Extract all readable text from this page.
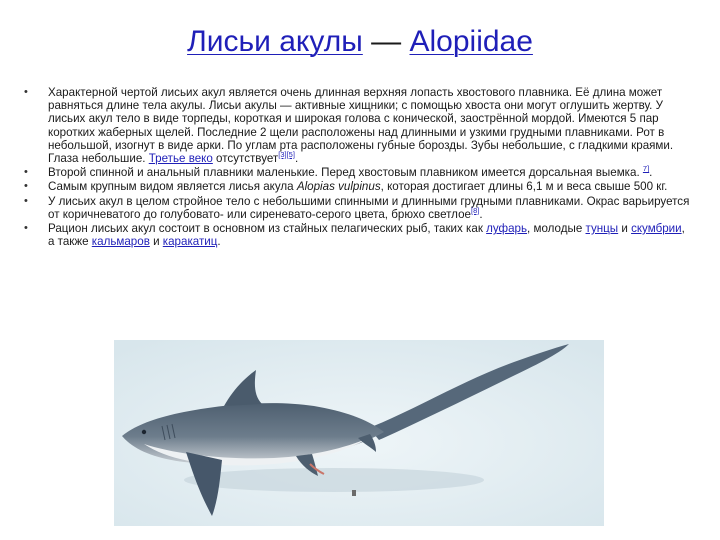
Лисьи акулы — Alopiidae
• Характерной чертой лисьих акул является очень длинная верхняя лопасть хвостового плавника. Её длина может равняться длине тела акулы. Лисьи акулы — активные хищники; с помощью хвоста они могут оглушить жертву. У лисьих акул тело в виде торпеды, короткая и широкая голова с конической, заострённой мордой. Имеются 5 пар коротких жаберных щелей. Последние 2 щели расположены над длинными и узкими грудными плавниками. Рот в небольшой, изогнут в виде арки. По углам рта расположены губные борозды. Зубы небольшие, с гладкими краями. Глаза небольшие. Третье веко отсутствует[3][5].
• Второй спинной и анальный плавники маленькие. Перед хвостовым плавником имеется дорсальная выемка. $^{7]}$.
• Самым крупным видом является лисья акула Alopias vulpinus, которая достигает длины 6,1 м и веса свыше 500 кг.
• У лисьих акул в целом стройное тело с небольшими спинными и длинными грудными плавниками. Окрас варьируется от коричневатого до голубовато- или сиреневато-серого цвета, брюхо светлое[8].
• Рацион лисьих акул состоит в основном из стайных пелагических рыб, таких как луфарь, молодые тунцы и скумбрии, а также кальмаров и каракатиц.
